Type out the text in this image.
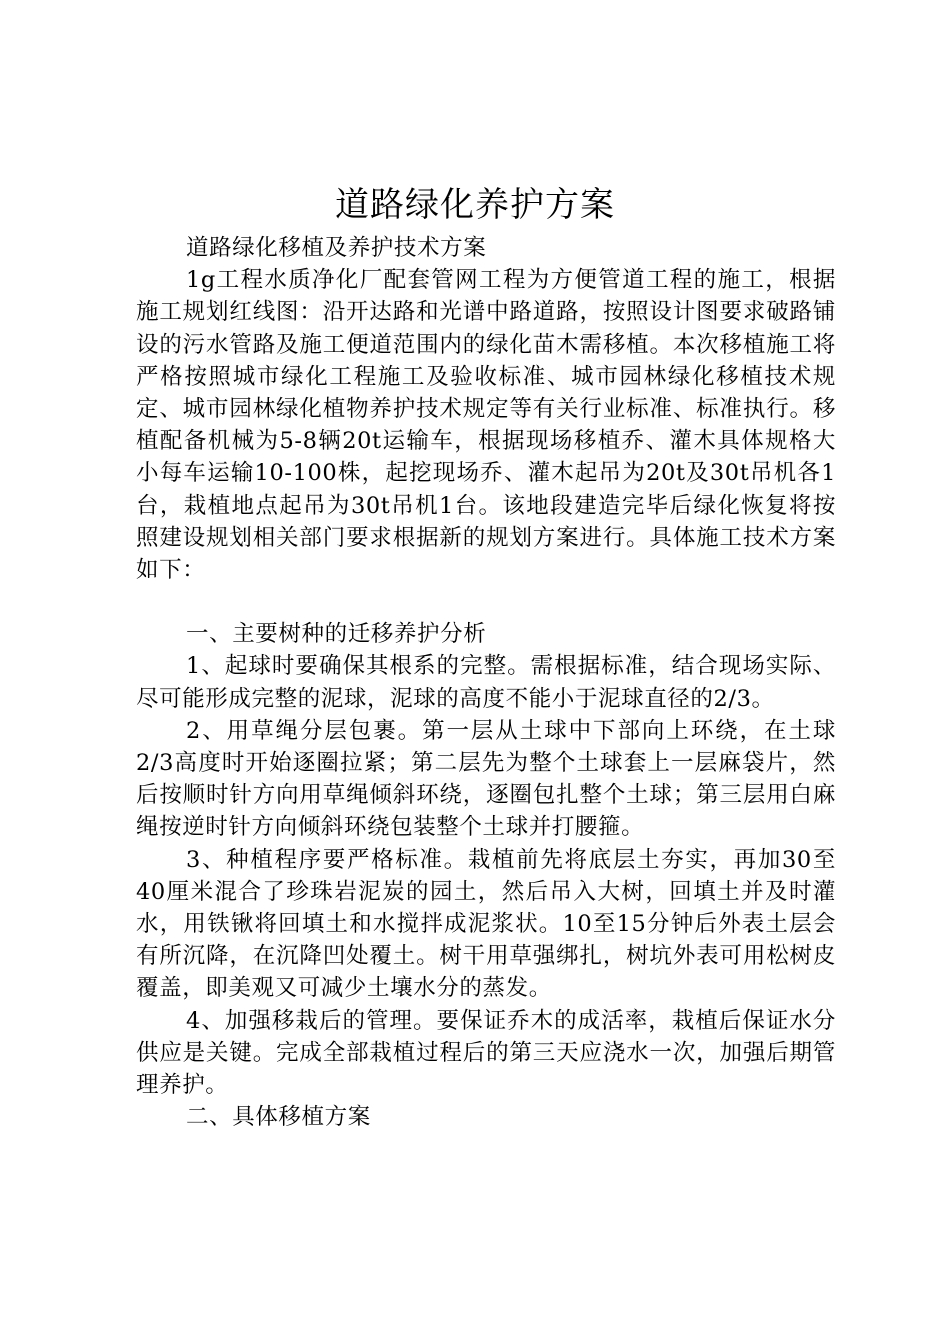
道路绿化养护方案

道路绿化移植及养护技术方案

1g工程水质净化厂配套管网工程为方便管道工程的施工，根据施工规划红线图：沿开达路和光谱中路道路，按照设计图要求破路铺设的污水管路及施工便道范围内的绿化苗木需移植。本次移植施工将严格按照城市绿化工程施工及验收标准、城市园林绿化移植技术规定、城市园林绿化植物养护技术规定等有关行业标准、标准执行。移植配备机械为5-8辆20t运输车，根据现场移植乔、灌木具体规格大小每车运输10-100株，起挖现场乔、灌木起吊为20t及30t吊机各1台，栽植地点起吊为30t吊机1台。该地段建造完毕后绿化恢复将按照建设规划相关部门要求根据新的规划方案进行。具体施工技术方案如下：

一、主要树种的迁移养护分析

1、起球时要确保其根系的完整。需根据标准，结合现场实际、尽可能形成完整的泥球，泥球的高度不能小于泥球直径的2/3。

2、用草绳分层包裹。第一层从土球中下部向上环绕，在土球2/3高度时开始逐圈拉紧；第二层先为整个土球套上一层麻袋片，然后按顺时针方向用草绳倾斜环绕，逐圈包扎整个土球；第三层用白麻绳按逆时针方向倾斜环绕包装整个土球并打腰箍。

3、种植程序要严格标准。栽植前先将底层土夯实，再加30至40厘米混合了珍珠岩泥炭的园土，然后吊入大树，回填土并及时灌水，用铁锹将回填土和水搅拌成泥浆状。10至15分钟后外表土层会有所沉降，在沉降凹处覆土。树干用草强绑扎，树坑外表可用松树皮覆盖，即美观又可减少土壤水分的蒸发。

4、加强移栽后的管理。要保证乔木的成活率，栽植后保证水分供应是关键。完成全部栽植过程后的第三天应浇水一次，加强后期管理养护。

二、具体移植方案
